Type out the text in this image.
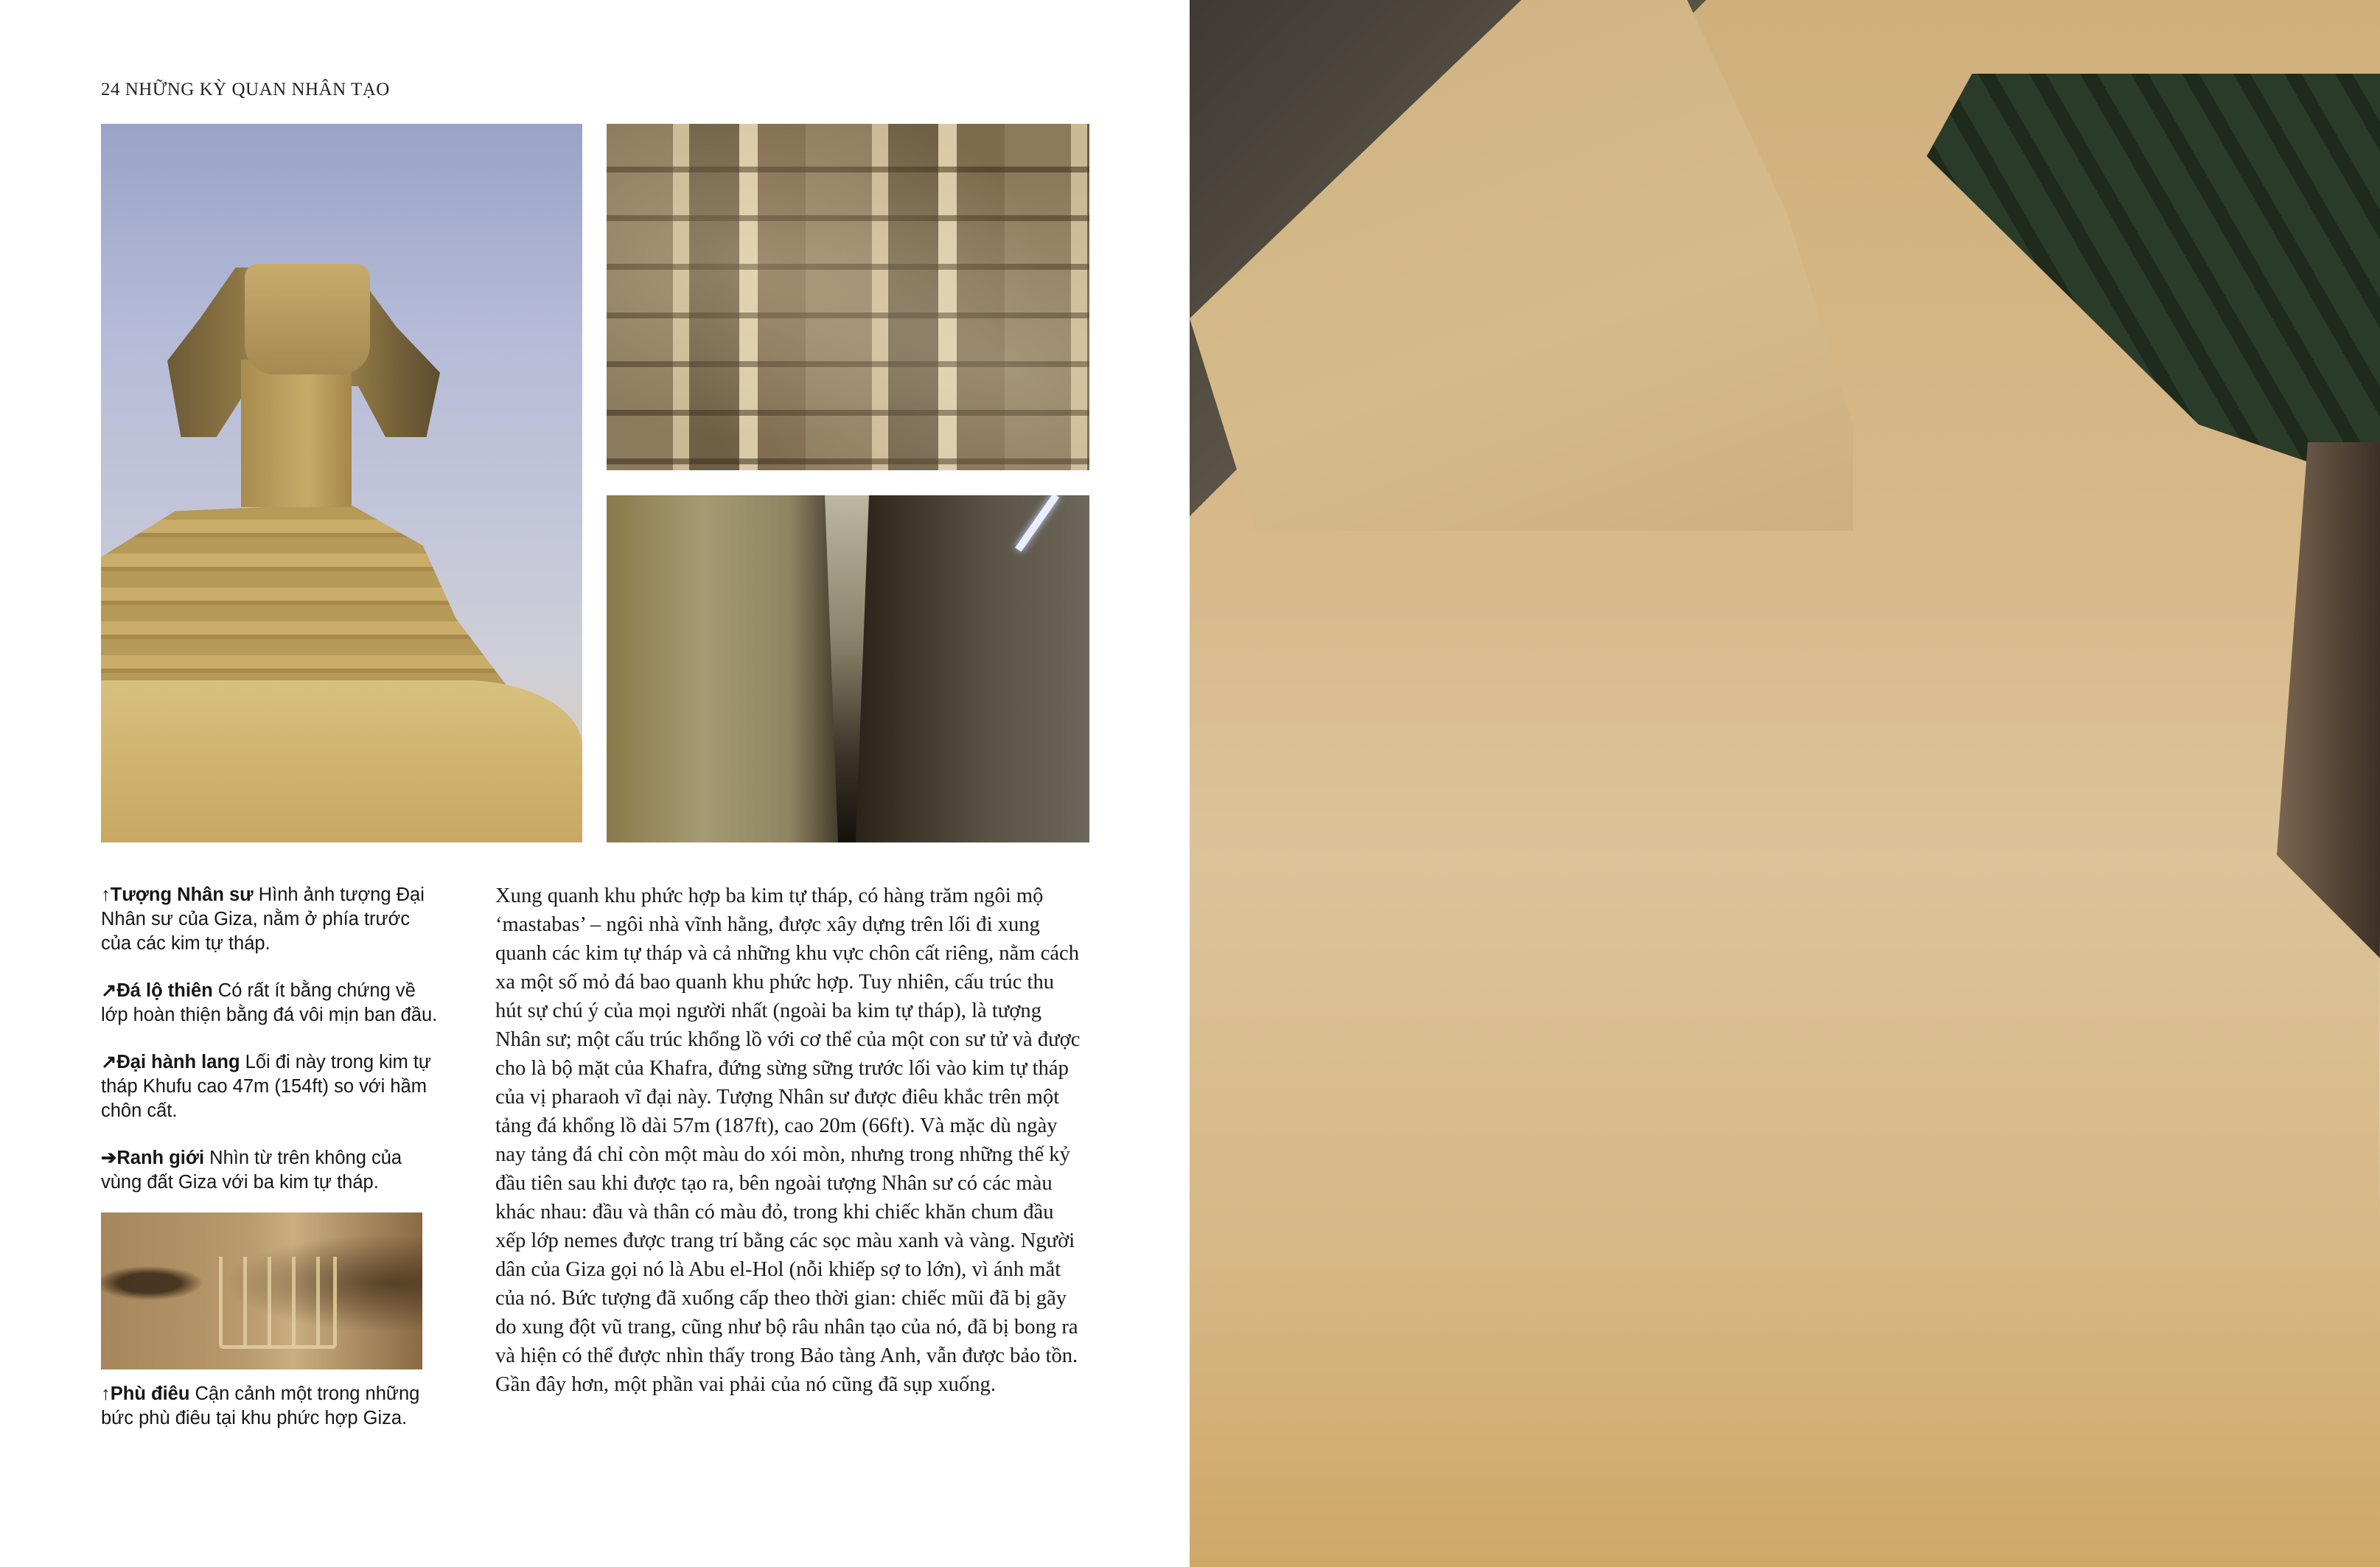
24 NHỮNG KỲ QUAN NHÂN TẠO

↑Tượng Nhân sư Hình ảnh tượng Đại Nhân sư của Giza, nằm ở phía trước của các kim tự tháp.

↗Đá lộ thiên Có rất ít bằng chứng về lớp hoàn thiện bằng đá vôi mịn ban đầu.

↗Đại hành lang Lối đi này trong kim tự tháp Khufu cao 47m (154ft) so với hầm chôn cất.

➔Ranh giới Nhìn từ trên không của vùng đất Giza với ba kim tự tháp.

↑Phù điêu Cận cảnh một trong những bức phù điêu tại khu phức hợp Giza.

Xung quanh khu phức hợp ba kim tự tháp, có hàng trăm ngôi mộ ‘mastabas’ – ngôi nhà vĩnh hằng, được xây dựng trên lối đi xung quanh các kim tự tháp và cả những khu vực chôn cất riêng, nằm cách xa một số mỏ đá bao quanh khu phức hợp. Tuy nhiên, cấu trúc thu hút sự chú ý của mọi người nhất (ngoài ba kim tự tháp), là tượng Nhân sư; một cấu trúc khổng lồ với cơ thể của một con sư tử và được cho là bộ mặt của Khafra, đứng sừng sững trước lối vào kim tự tháp của vị pharaoh vĩ đại này. Tượng Nhân sư được điêu khắc trên một tảng đá khổng lồ dài 57m (187ft), cao 20m (66ft). Và mặc dù ngày nay tảng đá chỉ còn một màu do xói mòn, nhưng trong những thế kỷ đầu tiên sau khi được tạo ra, bên ngoài tượng Nhân sư có các màu khác nhau: đầu và thân có màu đỏ, trong khi chiếc khăn chum đầu xếp lớp nemes được trang trí bằng các sọc màu xanh và vàng. Người dân của Giza gọi nó là Abu el-Hol (nỗi khiếp sợ to lớn), vì ánh mắt của nó. Bức tượng đã xuống cấp theo thời gian: chiếc mũi đã bị gãy do xung đột vũ trang, cũng như bộ râu nhân tạo của nó, đã bị bong ra và hiện có thể được nhìn thấy trong Bảo tàng Anh, vẫn được bảo tồn. Gần đây hơn, một phần vai phải của nó cũng đã sụp xuống.
